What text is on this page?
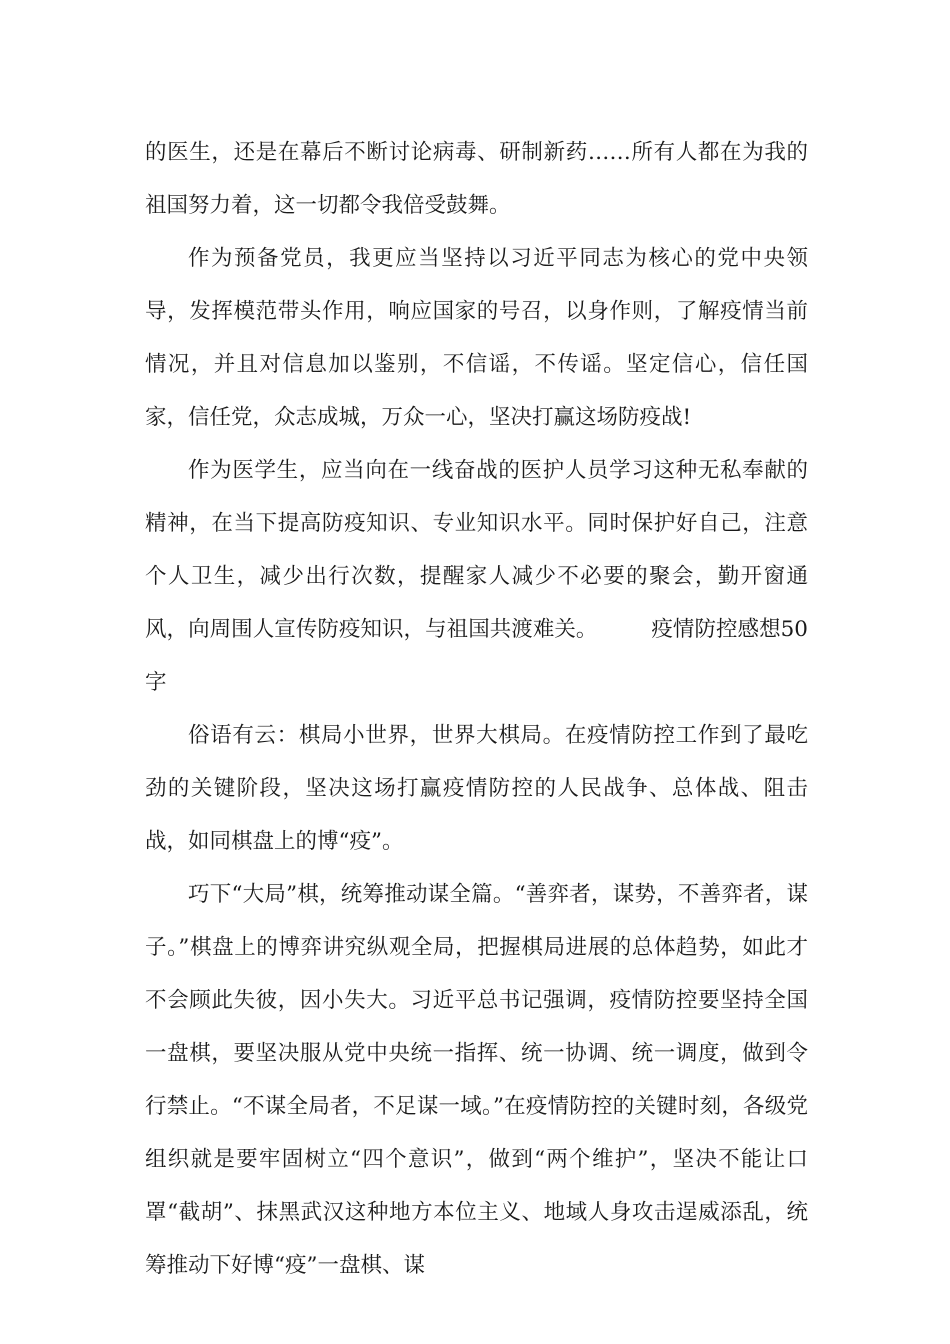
的医生，还是在幕后不断讨论病毒、研制新药……所有人都在为我的祖国努力着，这一切都令我倍受鼓舞。

作为预备党员，我更应当坚持以习近平同志为核心的党中央领导，发挥模范带头作用，响应国家的号召，以身作则，了解疫情当前情况，并且对信息加以鉴别，不信谣，不传谣。坚定信心，信任国家，信任党，众志成城，万众一心，坚决打赢这场防疫战!

作为医学生，应当向在一线奋战的医护人员学习这种无私奉献的精神，在当下提高防疫知识、专业知识水平。同时保护好自己，注意个人卫生，减少出行次数，提醒家人减少不必要的聚会，勤开窗通风，向周围人宣传防疫知识，与祖国共渡难关。　　　疫情防控感想50字

俗语有云：棋局小世界，世界大棋局。在疫情防控工作到了最吃劲的关键阶段，坚决这场打赢疫情防控的人民战争、总体战、阻击战，如同棋盘上的博“疫”。

巧下“大局”棋，统筹推动谋全篇。“善弈者，谋势，不善弈者，谋子。”棋盘上的博弈讲究纵观全局，把握棋局进展的总体趋势，如此才不会顾此失彼，因小失大。习近平总书记强调，疫情防控要坚持全国一盘棋，要坚决服从党中央统一指挥、统一协调、统一调度，做到令行禁止。“不谋全局者，不足谋一域。”在疫情防控的关键时刻，各级党组织就是要牢固树立“四个意识”，做到“两个维护”，坚决不能让口罩“截胡”、抹黑武汉这种地方本位主义、地域人身攻击逞威添乱，统筹推动下好博“疫”一盘棋、谋
